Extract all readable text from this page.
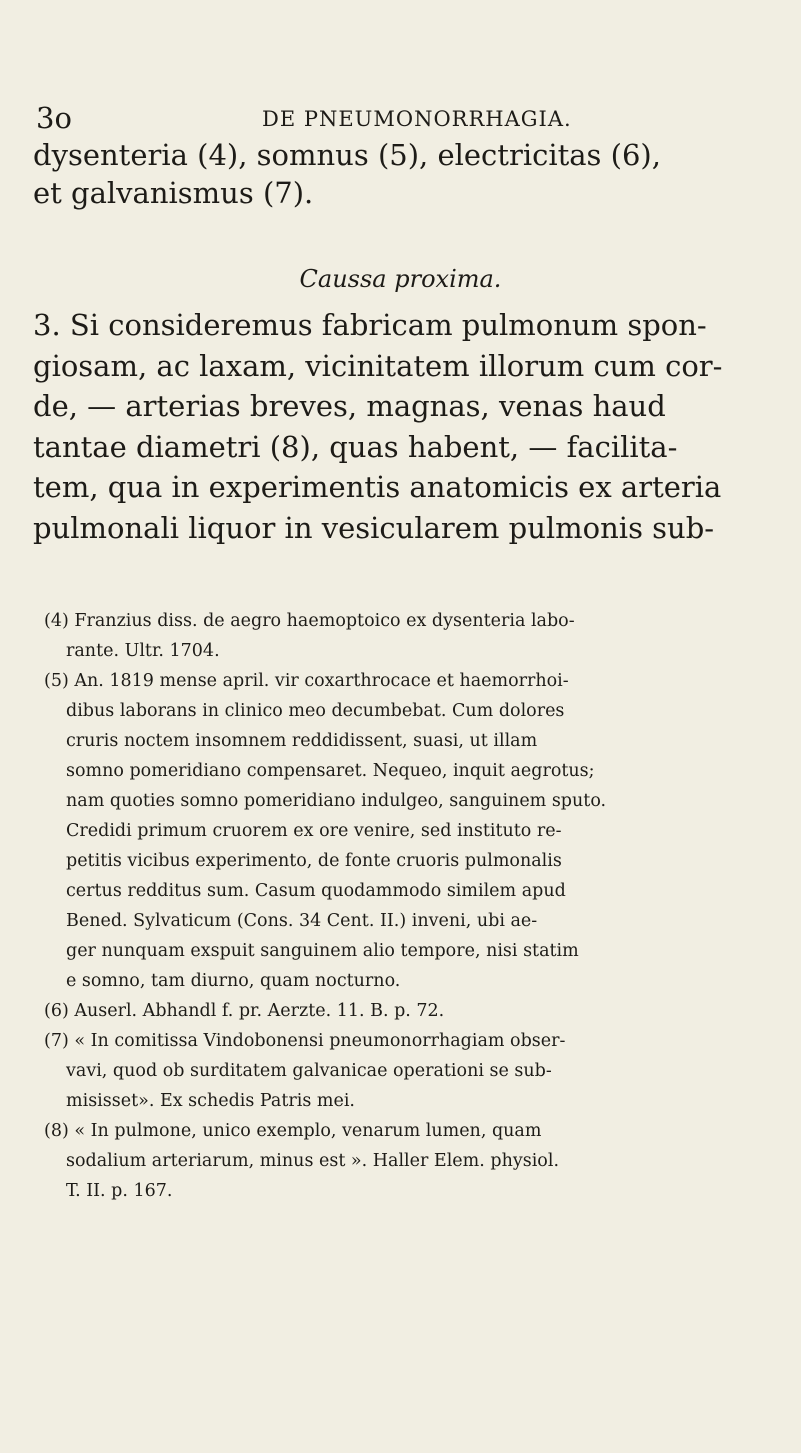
3o	DE PNEUMONORRHAGIA.

dysenteria (4), somnus (5), electricitas (6),

et galvanismus (7).

Caussa proxima.

3. Si consideremus fabricam pulmonum spon-

giosam, ac laxam, vicinitatem illorum cum cor-

de, — arterias breves, magnas, venas haud

tantae diametri (8), quas habent, — facilita-

tem, qua in experimentis anatomicis ex arteria

pulmonali liquor in vesicularem pulmonis sub-

(4) Franzius diss. de aegro haemoptoico ex dysenteria labo-
rante. Ultr. 1704.
(5) An. 1819 mense april. vir coxarthrocace et haemorrhoi-
dibus laborans in clinico meo decumbebat. Cum dolores
cruris noctem insomnem reddidissent, suasi, ut illam
somno pomeridiano compensaret. Nequeo, inquit aegrotus;
nam quoties somno pomeridiano indulgeo, sanguinem sputo.
Credidi primum cruorem ex ore venire, sed instituto re-
petitis vicibus experimento, de fonte cruoris pulmonalis
certus redditus sum. Casum quodammodo similem apud
Bened. Sylvaticum (Cons. 34 Cent. II.) inveni, ubi ae-
ger nunquam exspuit sanguinem alio tempore, nisi statim
e somno, tam diurno, quam nocturno.
(6) Auserl. Abhandl f. pr. Aerzte. 11. B. p. 72.
(7) « In comitissa Vindobonensi pneumonorrhagiam obser-
vavi, quod ob surditatem galvanicae operationi se sub-
misisset». Ex schedis Patris mei.
(8) « In pulmone, unico exemplo, venarum lumen, quam
sodalium arteriarum, minus est ». Haller Elem. physiol.
T. II. p. 167.
